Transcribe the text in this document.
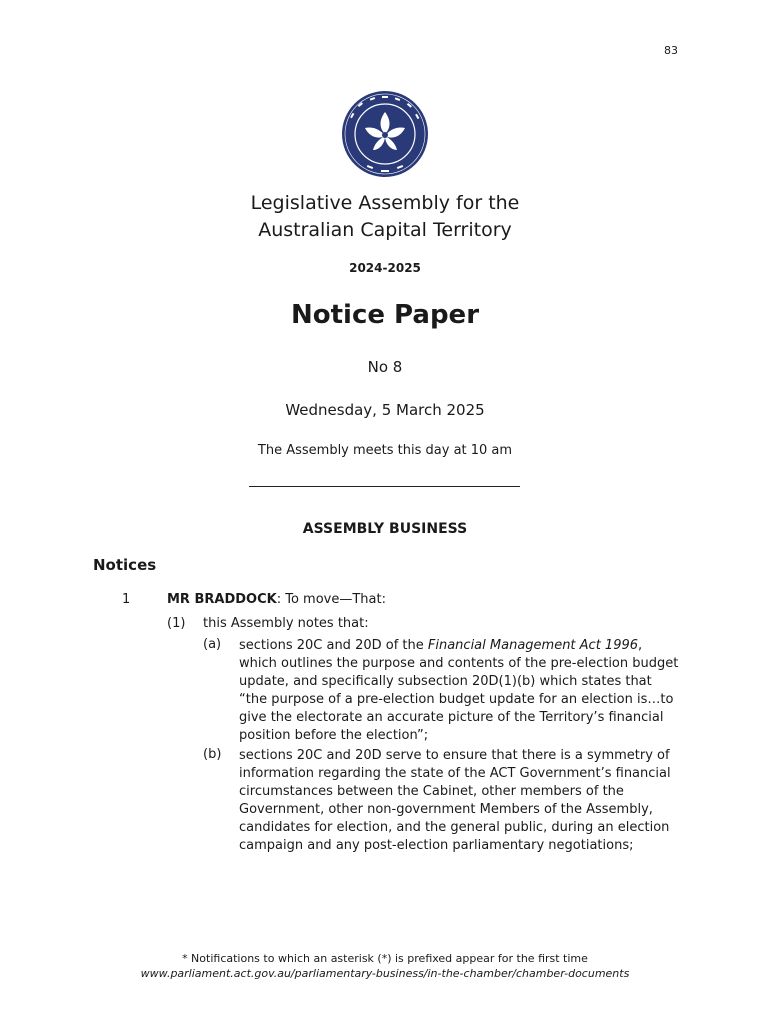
83
Legislative Assembly for the
Australian Capital Territory
2024-2025
Notice Paper
No 8
Wednesday, 5 March 2025
The Assembly meets this day at 10 am
ASSEMBLY BUSINESS
Notices
1	MR BRADDOCK: To move—That:
(1) this Assembly notes that:
(a) sections 20C and 20D of the Financial Management Act 1996, which outlines the purpose and contents of the pre-election budget update, and specifically subsection 20D(1)(b) which states that “the purpose of a pre-election budget update for an election is…to give the electorate an accurate picture of the Territory’s financial position before the election”;
(b) sections 20C and 20D serve to ensure that there is a symmetry of information regarding the state of the ACT Government’s financial circumstances between the Cabinet, other members of the Government, other non-government Members of the Assembly, candidates for election, and the general public, during an election campaign and any post-election parliamentary negotiations;
* Notifications to which an asterisk (*) is prefixed appear for the first time
www.parliament.act.gov.au/parliamentary-business/in-the-chamber/chamber-documents
